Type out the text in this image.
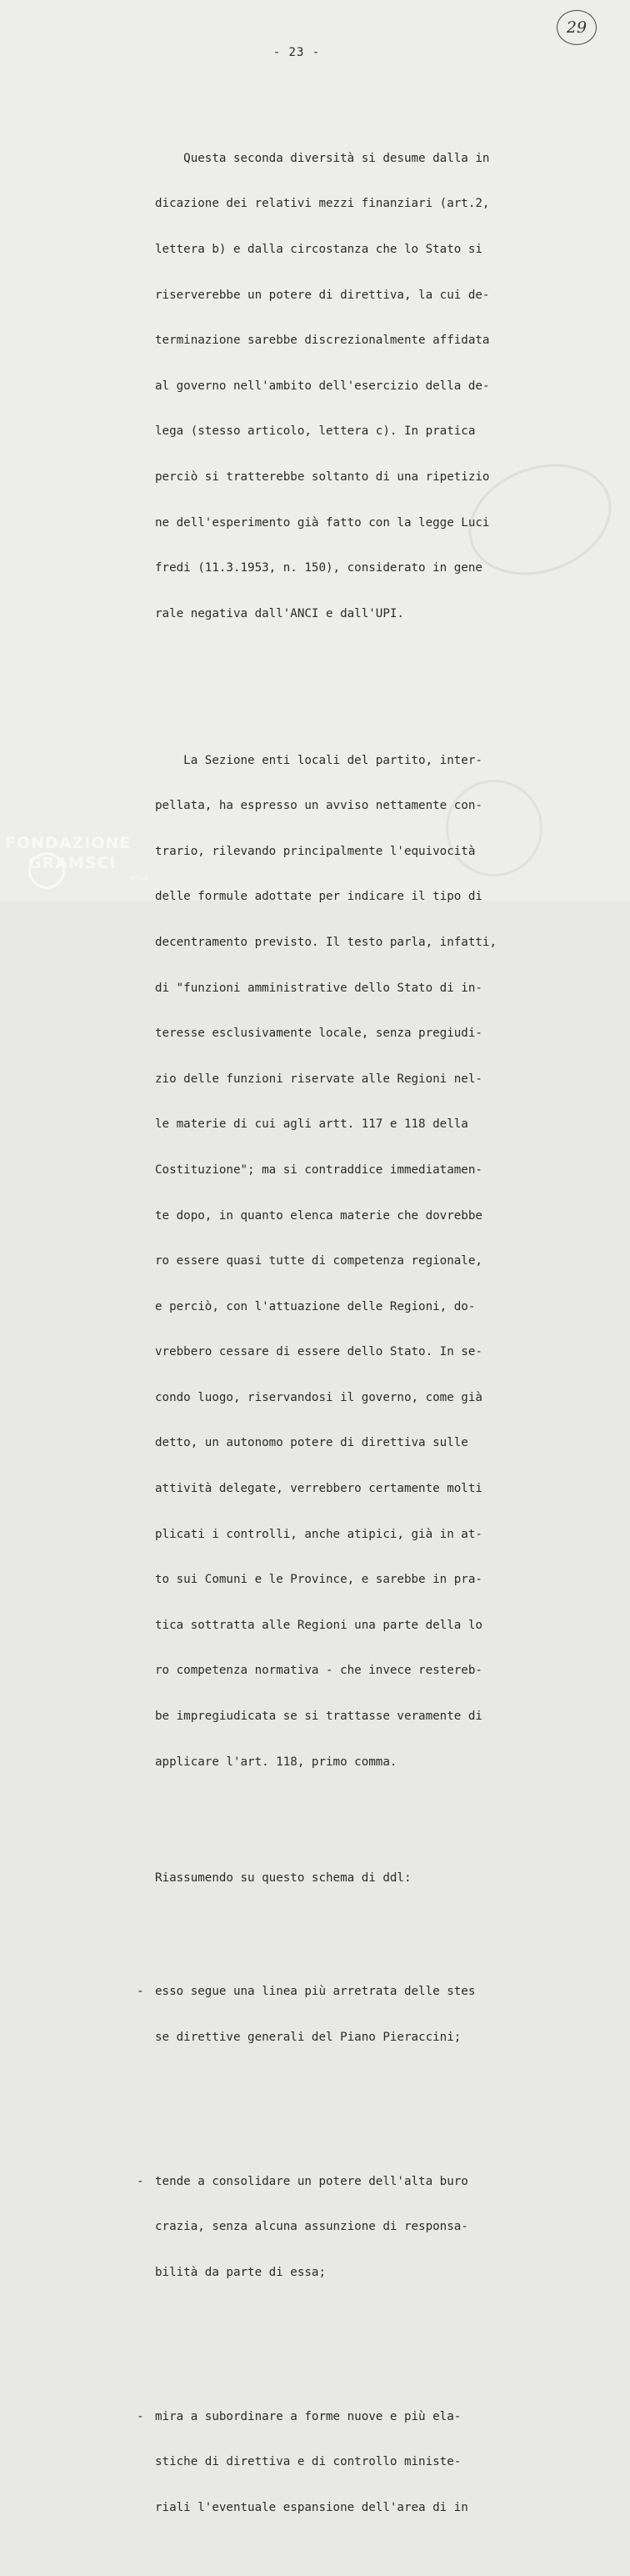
- 23 -
29

Questa seconda diversità si desume dalla in

dicazione dei relativi mezzi finanziari (art.2,

lettera b) e dalla circostanza che lo Stato si

riserverebbe un potere di direttiva, la cui de-

terminazione sarebbe discrezionalmente affidata

al governo nell'ambito dell'esercizio della de-

lega (stesso articolo, lettera c). In pratica

perciò si tratterebbe soltanto di una ripetizio

ne dell'esperimento già fatto con la legge Luci

fredi (11.3.1953, n. 150), considerato in gene

rale negativa dall'ANCI e dall'UPI.

La Sezione enti locali del partito, inter-

pellata, ha espresso un avviso nettamente con-

trario, rilevando principalmente l'equivocità

delle formule adottate per indicare il tipo di

decentramento previsto. Il testo parla, infatti,

di "funzioni amministrative dello Stato di in-

teresse esclusivamente locale, senza pregiudi-

zio delle funzioni riservate alle Regioni nel-

le materie di cui agli artt. 117 e 118 della

Costituzione"; ma si contraddice immediatamen-

te dopo, in quanto elenca materie che dovrebbe

ro essere quasi tutte di competenza regionale,

e perciò, con l'attuazione delle Regioni, do-

vrebbero cessare di essere dello Stato. In se-

condo luogo, riservandosi il governo, come già

detto, un autonomo potere di direttiva sulle

attività delegate, verrebbero certamente molti

plicati i controlli, anche atipici, già in at-

to sui Comuni e le Province, e sarebbe in pra-

tica sottratta alle Regioni una parte della lo

ro competenza normativa - che invece restereb-

be impregiudicata se si trattasse veramente di

applicare l'art. 118, primo comma.

Riassumendo su questo schema di ddl:

- esso segue una linea più arretrata delle stes

se direttive generali del Piano Pieraccini;

- tende a consolidare un potere dell'alta buro

crazia, senza alcuna assunzione di responsa-

bilità da parte di essa;

- mira a subordinare a forme nuove e più ela-

stiche di direttiva e di controllo ministe-

riali l'eventuale espansione dell'area di in

FONDAZIONE
GRAMSCI
onlus
